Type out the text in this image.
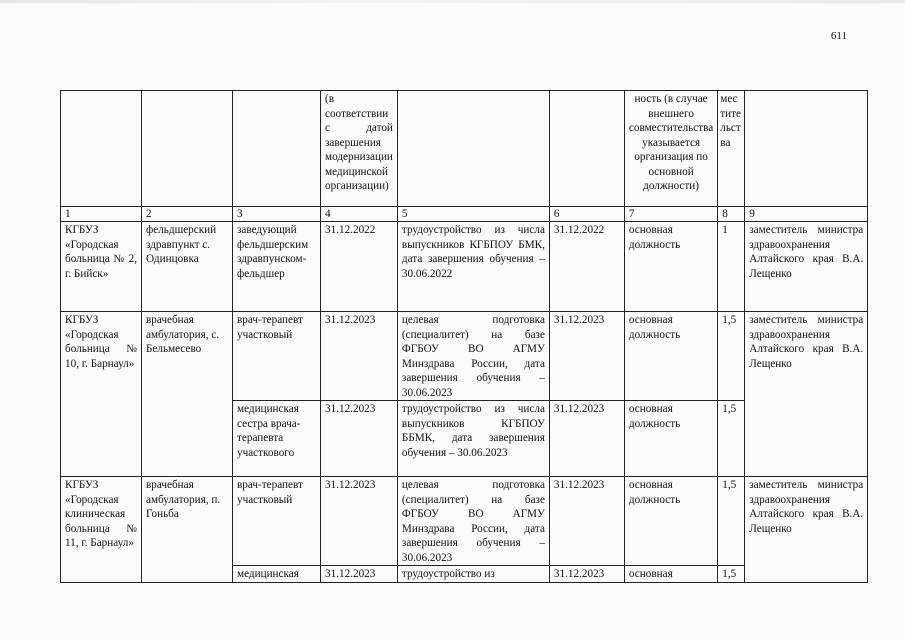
611
			(в соответствии с датой завершения модернизации медицинской организации)			ность (в случае внешнего совместительства указывается организация по основной должности)	местительства	
1	2	3	4	5	6	7	8	9
КГБУЗ «Городская больница № 2, г. Бийск»	фельдшерский здравпункт с. Одинцовка	заведующий фельдшерским здравпунском-фельдшер	31.12.2022	трудоустройство из числа выпускников КГБПОУ БМК, дата завершения обучения – 30.06.2022	31.12.2022	основная должность	1	заместитель министра здравоохранения Алтайского края В.А. Лещенко
КГБУЗ «Городская больница № 10, г. Барнаул»	врачебная амбулатория, с. Бельмесево	врач-терапевт участковый	31.12.2023	целевая подготовка (специалитет) на базе ФГБОУ ВО АГМУ Минздрава России, дата завершения обучения – 30.06.2023	31.12.2023	основная должность	1,5	заместитель министра здравоохранения Алтайского края В.А. Лещенко
		медицинская сестра врача-терапевта участкового	31.12.2023	трудоустройство из числа выпускников КГБПОУ ББМК, дата завершения обучения – 30.06.2023	31.12.2023	основная должность	1,5	
КГБУЗ «Городская клиническая больница № 11, г. Барнаул»	врачебная амбулатория, п. Гоньба	врач-терапевт участковый	31.12.2023	целевая подготовка (специалитет) на базе ФГБОУ ВО АГМУ Минздрава России, дата завершения обучения – 30.06.2023	31.12.2023	основная должность	1,5	заместитель министра здравоохранения Алтайского края В.А. Лещенко
		медицинская	31.12.2023	трудоустройство из	31.12.2023	основная	1,5	
